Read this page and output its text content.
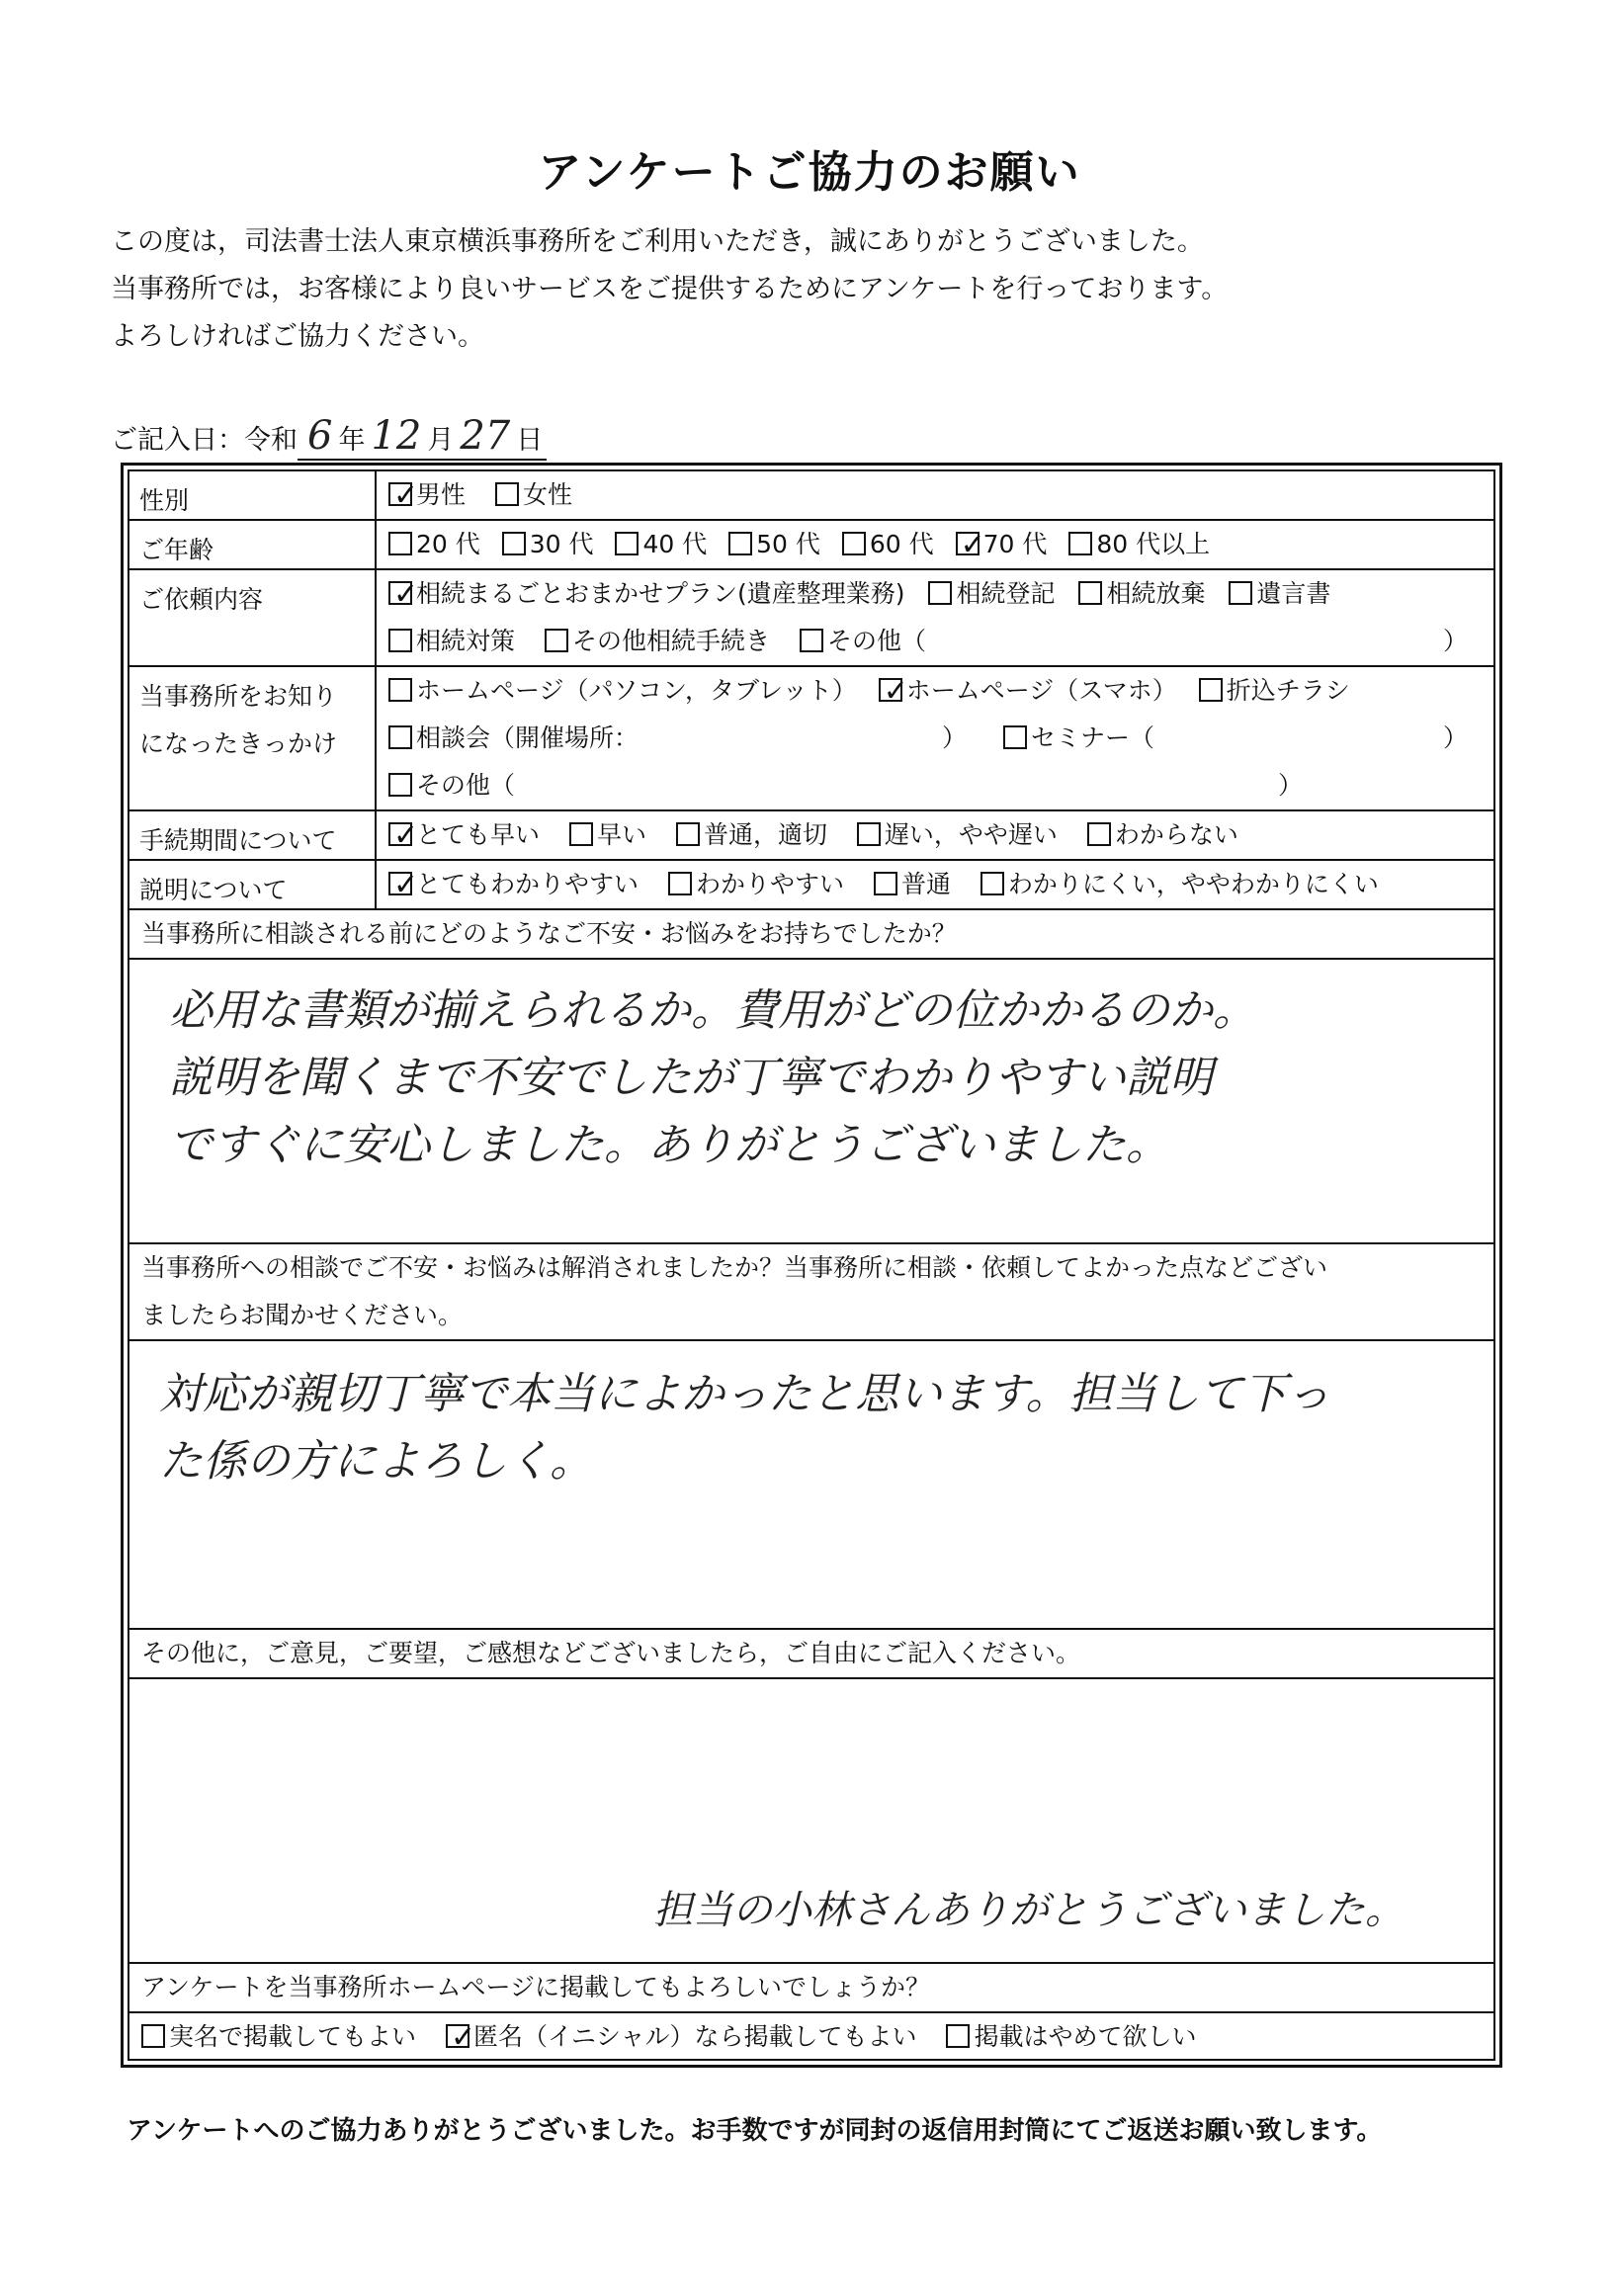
アンケートご協力のお願い
この度は，司法書士法人東京横浜事務所をご利用いただき，誠にありがとうございました。
当事務所では，お客様により良いサービスをご提供するためにアンケートを行っております。
よろしければご協力ください。
ご記入日：令和 6 年 12 月 27 日
性別 ✓	男性 女性
ご年齢	20 代 30 代 40 代 50 代 60 代 ✓ 70 代 80 代以上
ご依頼内容 ✓	相続まるごとおまかせプラン(遺産整理業務) 相続登記 相続放棄 遺言書
相続対策 その他相続手続き その他（	）
当事務所をお知り
になったきっかけ
ホームページ（パソコン，タブレット） ✓ ホームページ（スマホ） 折込チラシ
相談会（開催場所：	）	セミナー（	）
その他（	）
手続期間について ✓	とても早い 早い 普通，適切 遅い，やや遅い わからない
説明について ✓	とてもわかりやすい わかりやすい 普通 わかりにくい，ややわかりにくい
当事務所に相談される前にどのようなご不安・お悩みをお持ちでしたか？
必用な書類が揃えられるか。費用がどの位かかるのか。
説明を聞くまで不安でしたが丁寧でわかりやすい説明
ですぐに安心しました。ありがとうございました。
当事務所への相談でご不安・お悩みは解消されましたか？当事務所に相談・依頼してよかった点などござい
ましたらお聞かせください。
対応が親切丁寧で本当によかったと思います。担当して下っ
た係の方によろしく。
その他に，ご意見，ご要望，ご感想などございましたら，ご自由にご記入ください。
担当の小林さんありがとうございました。
アンケートを当事務所ホームページに掲載してもよろしいでしょうか？
実名で掲載してもよい ✓ 匿名（イニシャル）なら掲載してもよい 掲載はやめて欲しい
アンケートへのご協力ありがとうございました。お手数ですが同封の返信用封筒にてご返送お願い致します。
